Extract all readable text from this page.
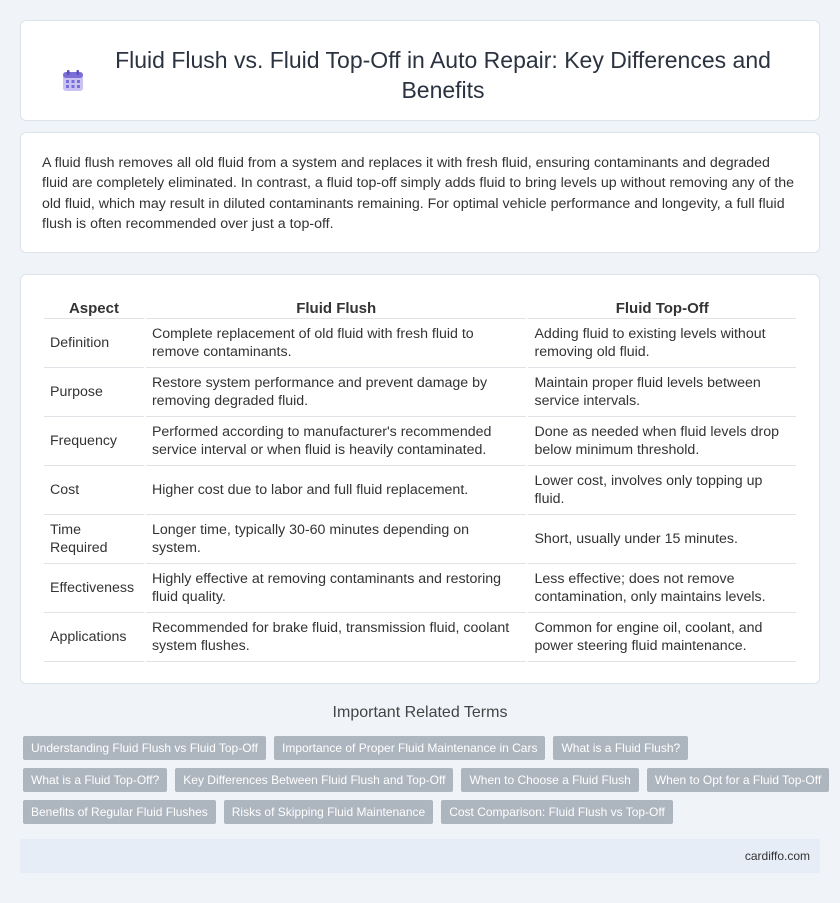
Fluid Flush vs. Fluid Top-Off in Auto Repair: Key Differences and Benefits

A fluid flush removes all old fluid from a system and replaces it with fresh fluid, ensuring contaminants and degraded fluid are completely eliminated. In contrast, a fluid top-off simply adds fluid to bring levels up without removing any of the old fluid, which may result in diluted contaminants remaining. For optimal vehicle performance and longevity, a full fluid flush is often recommended over just a top-off.

Aspect	Fluid Flush	Fluid Top-Off
Definition	Complete replacement of old fluid with fresh fluid to remove contaminants.	Adding fluid to existing levels without removing old fluid.
Purpose	Restore system performance and prevent damage by removing degraded fluid.	Maintain proper fluid levels between service intervals.
Frequency	Performed according to manufacturer's recommended service interval or when fluid is heavily contaminated.	Done as needed when fluid levels drop below minimum threshold.
Cost	Higher cost due to labor and full fluid replacement.	Lower cost, involves only topping up fluid.
Time Required	Longer time, typically 30-60 minutes depending on system.	Short, usually under 15 minutes.
Effectiveness	Highly effective at removing contaminants and restoring fluid quality.	Less effective; does not remove contamination, only maintains levels.
Applications	Recommended for brake fluid, transmission fluid, coolant system flushes.	Common for engine oil, coolant, and power steering fluid maintenance.
Important Related Terms
Understanding Fluid Flush vs Fluid Top-Off	Importance of Proper Fluid Maintenance in Cars	What is a Fluid Flush?
What is a Fluid Top-Off?	Key Differences Between Fluid Flush and Top-Off	When to Choose a Fluid Flush	When to Opt for a Fluid Top-Off
Benefits of Regular Fluid Flushes	Risks of Skipping Fluid Maintenance	Cost Comparison: Fluid Flush vs Top-Off
cardiffo.com
